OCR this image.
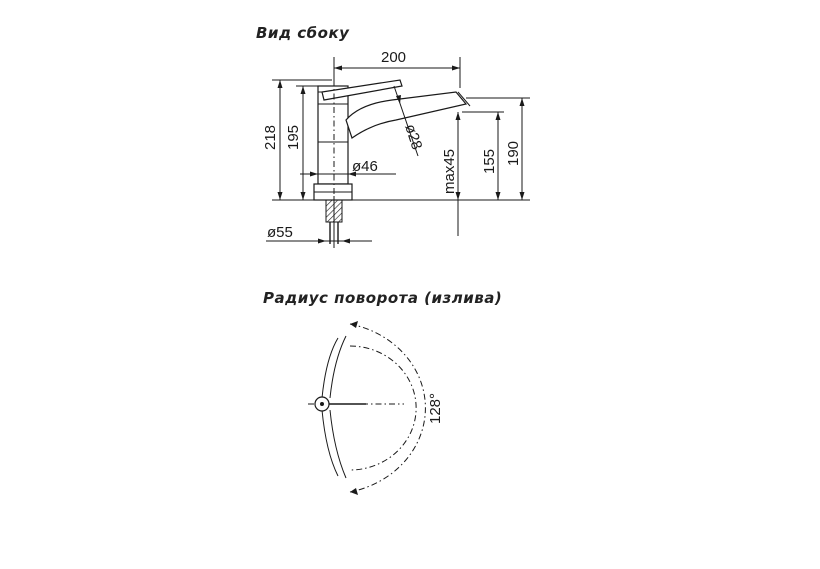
Вид сбоку
200
218 195
ø46
ø55
ø28
max45 155 190
Радиус поворота (излива)
128°
